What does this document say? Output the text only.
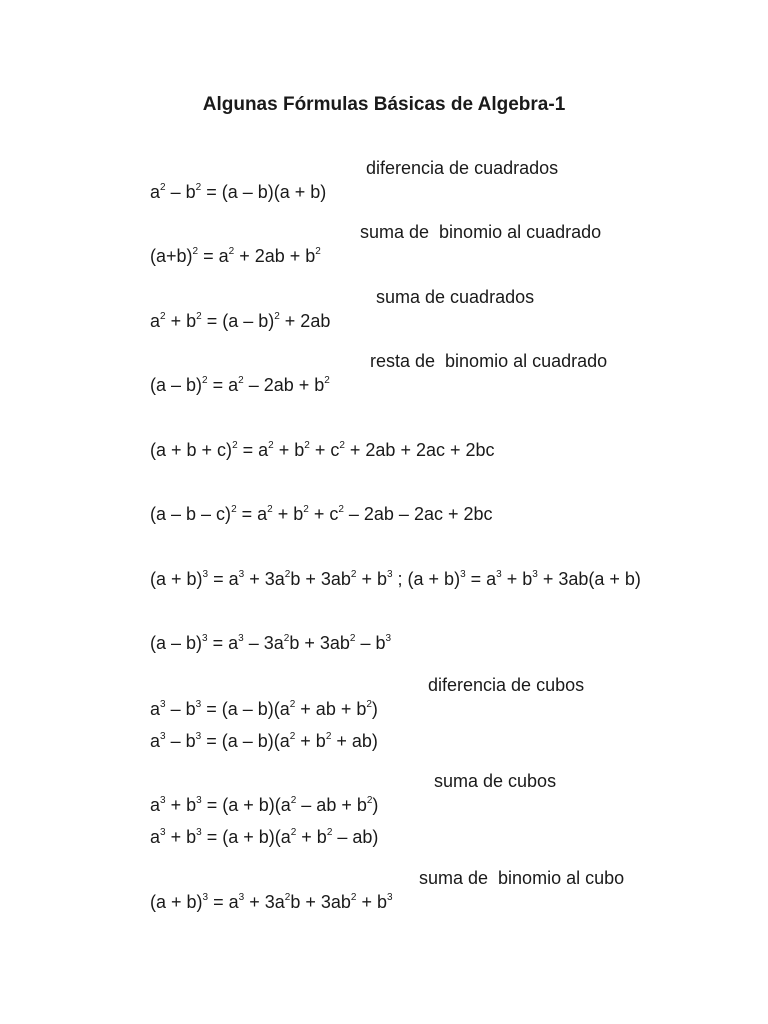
Algunas Fórmulas Básicas de Algebra-1

$a^2 - b^2 = (a - b)(a + b)$

diferencia de cuadrados

$(a+b)^2 = a^2 + 2ab + b^2$

suma de  binomio al cuadrado

$a^2 + b^2 = (a - b)^2 + 2ab$

suma de cuadrados

$(a - b)^2 = a^2 - 2ab + b^2$

resta de  binomio al cuadrado

$(a + b + c)^2 = a^2 + b^2 + c^2 + 2ab + 2ac + 2bc$

$(a - b - c)^2 = a^2 + b^2 + c^2 - 2ab - 2ac + 2bc$

$(a + b)^3 = a^3 + 3a^2b + 3ab^2 + b^3$ ; $(a + b)^3 = a^3 + b^3 + 3ab(a + b)$

$(a - b)^3 = a^3 - 3a^2b + 3ab^2 - b^3$

$a^3 - b^3 = (a - b)(a^2$ + ab + $b^2$)

diferencia de cubos

$a^3 - b^3 = (a - b)(a^2 + b^2 + ab)$

$a^3 + b^3 = (a + b)(a^2$ – ab + $b^2$)

suma de cubos

$a^3 + b^3 = (a + b)(a^2 + b^2 - ab)$

$(a + b)^3 = a^3 + 3a^2b + 3ab^2 + b^3$

suma de  binomio al cubo
